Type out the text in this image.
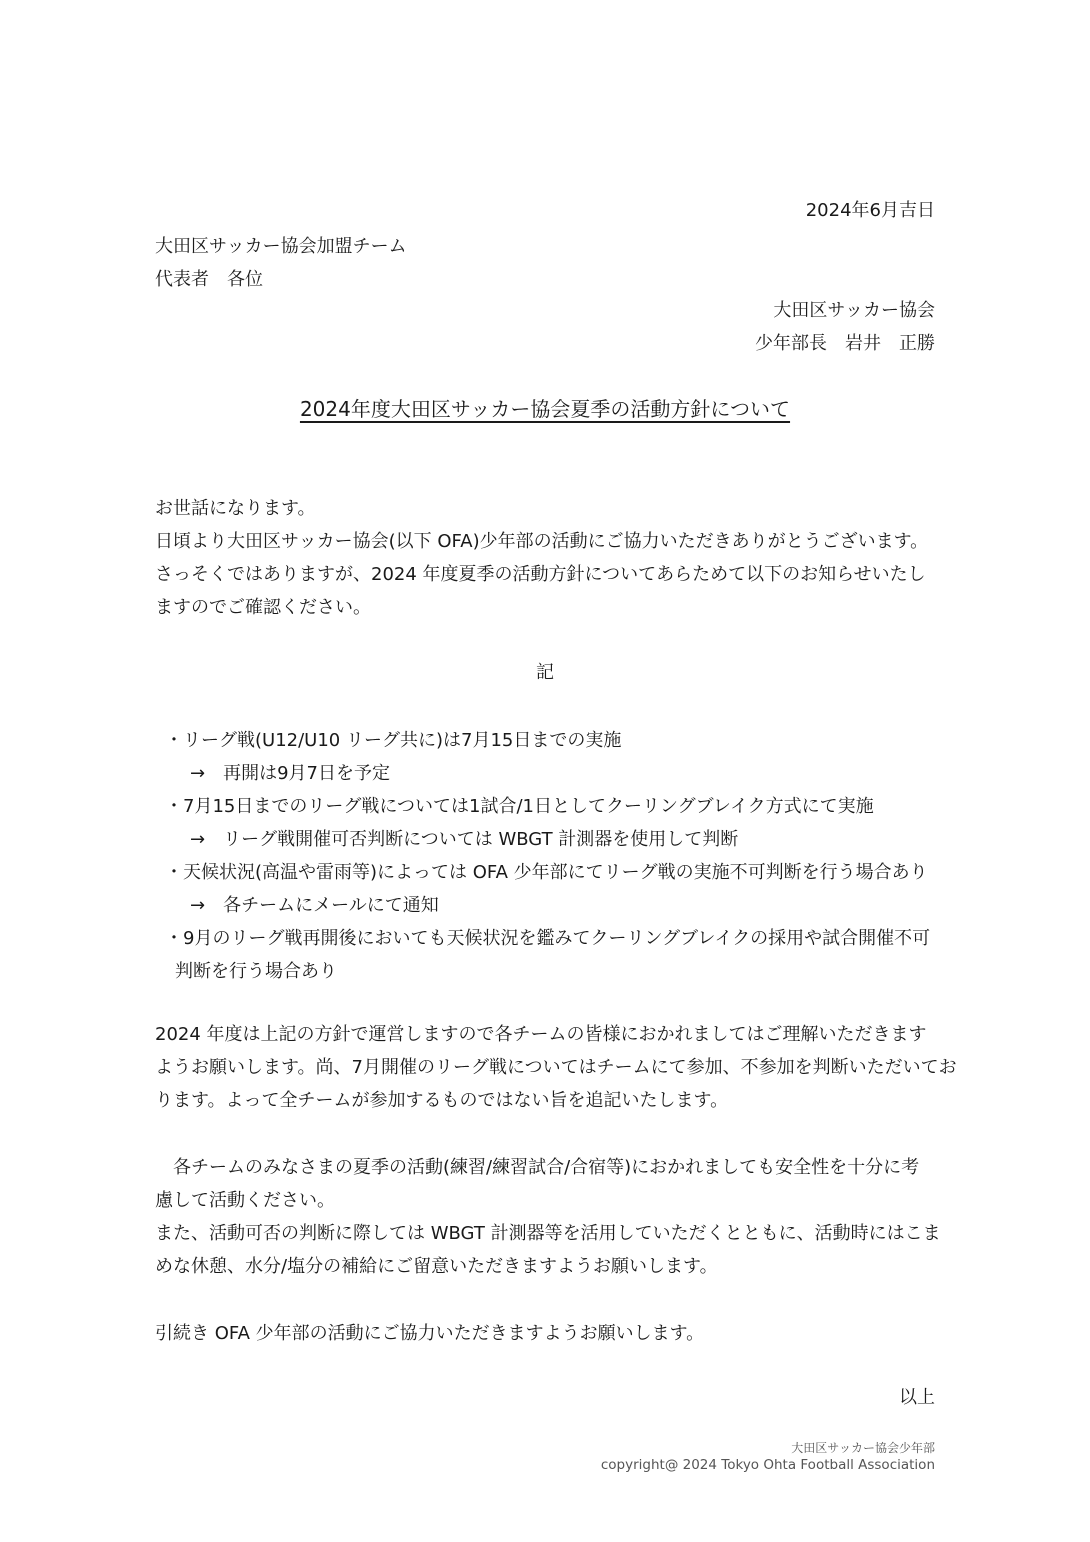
2024年6月吉日
大田区サッカー協会加盟チーム
代表者　各位
大田区サッカー協会
少年部長　岩井　正勝
2024年度大田区サッカー協会夏季の活動方針について
お世話になります。
日頃より大田区サッカー協会(以下 OFA)少年部の活動にご協力いただきありがとうございます。
さっそくではありますが、2024 年度夏季の活動方針についてあらためて以下のお知らせいたし
ますのでご確認ください。
記
・リーグ戦(U12/U10 リーグ共に)は7月15日までの実施
→　再開は9月7日を予定
・7月15日までのリーグ戦については1試合/1日としてクーリングブレイク方式にて実施
→　リーグ戦開催可否判断については WBGT 計測器を使用して判断
・天候状況(高温や雷雨等)によっては OFA 少年部にてリーグ戦の実施不可判断を行う場合あり
→　各チームにメールにて通知
・9月のリーグ戦再開後においても天候状況を鑑みてクーリングブレイクの採用や試合開催不可
判断を行う場合あり
2024 年度は上記の方針で運営しますので各チームの皆様におかれましてはご理解いただきます
ようお願いします。尚、7月開催のリーグ戦についてはチームにて参加、不参加を判断いただいてお
ります。よって全チームが参加するものではない旨を追記いたします。
　各チームのみなさまの夏季の活動(練習/練習試合/合宿等)におかれましても安全性を十分に考
慮して活動ください。
また、活動可否の判断に際しては WBGT 計測器等を活用していただくとともに、活動時にはこま
めな休憩、水分/塩分の補給にご留意いただきますようお願いします。
引続き OFA 少年部の活動にご協力いただきますようお願いします。
以上
大田区サッカー協会少年部
copyright@ 2024 Tokyo Ohta Football Association
